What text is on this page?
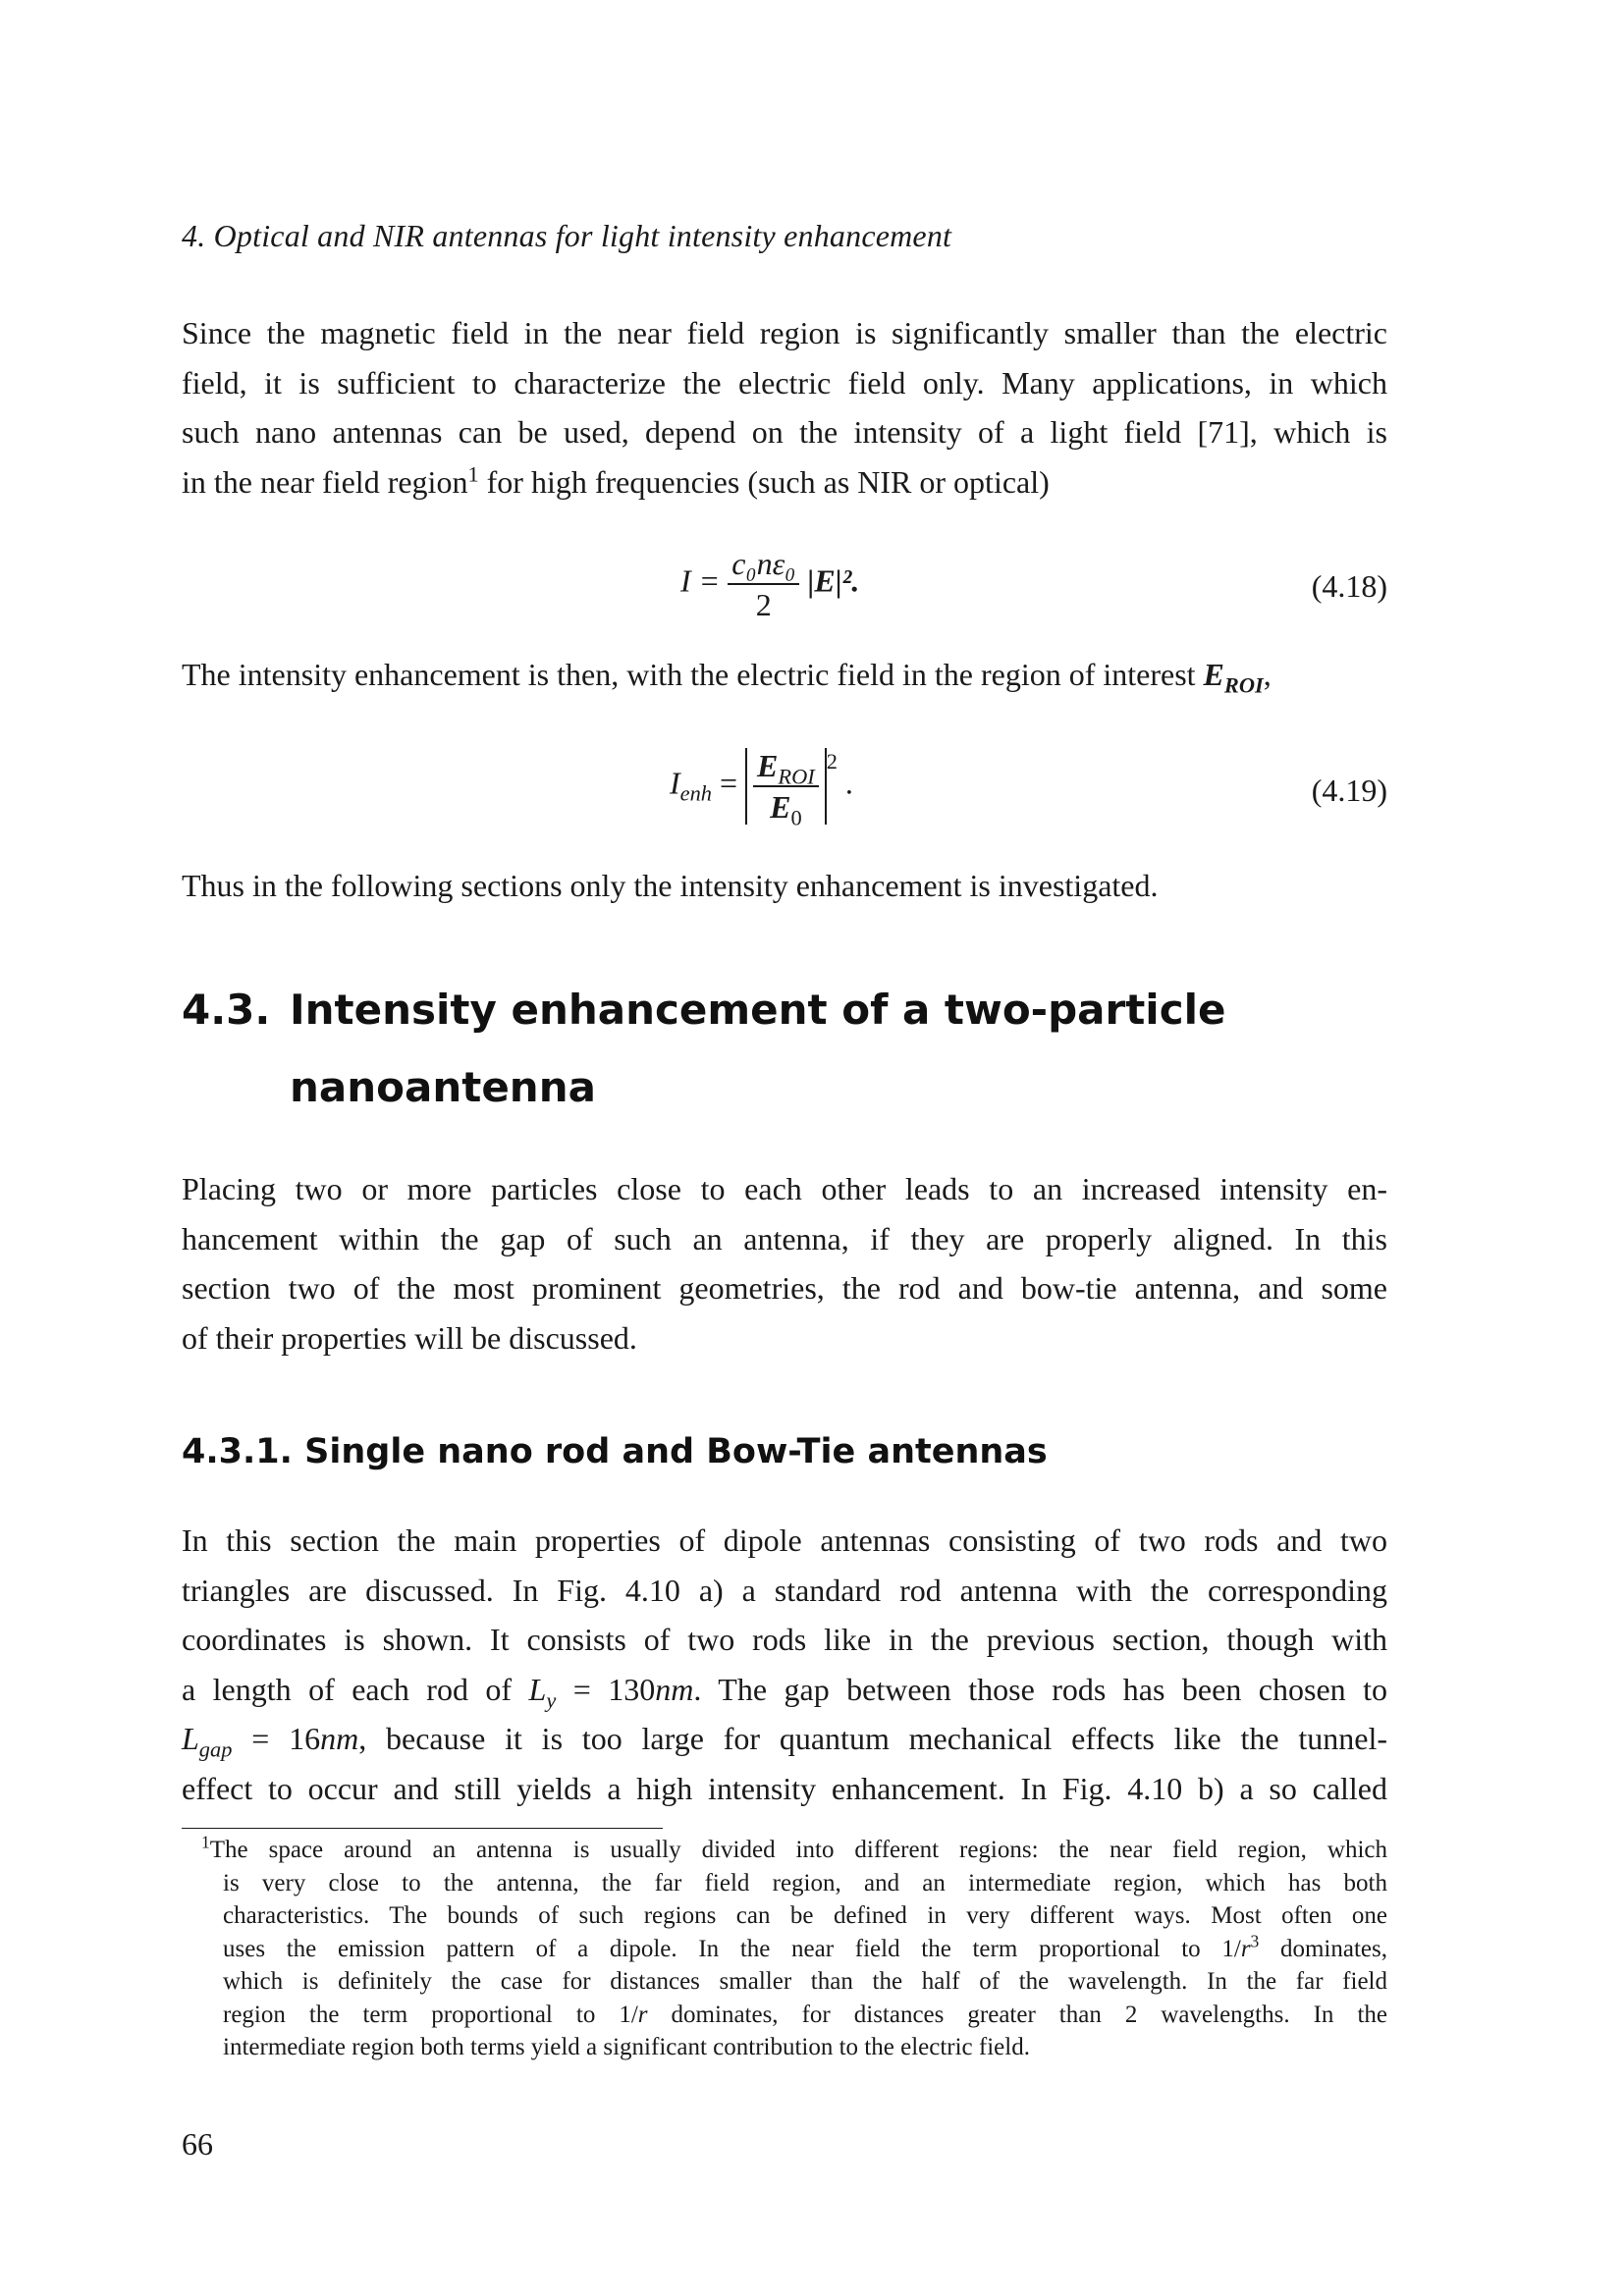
4. Optical and NIR antennas for light intensity enhancement
Since the magnetic field in the near field region is significantly smaller than the electric
field, it is sufficient to characterize the electric field only. Many applications, in which
such nano antennas can be used, depend on the intensity of a light field [71], which is
in the near field region$^1$ for high frequencies (such as NIR or optical)
$I = \frac{\text{c₀nε₀}}{2} |E|^2$.	(4.18)
The intensity enhancement is then, with the electric field in the region of interest $E_{ROI}$,
$I_{enh} = \frac{E_{ROI}}{E_0} ^2$ .	(4.19)
Thus in the following sections only the intensity enhancement is investigated.
4.3. Intensity enhancement of a two-particle
nanoantenna
Placing two or more particles close to each other leads to an increased intensity en-
hancement within the gap of such an antenna, if they are properly aligned. In this
section two of the most prominent geometries, the rod and bow-tie antenna, and some
of their properties will be discussed.
4.3.1. Single nano rod and Bow-Tie antennas
In this section the main properties of dipole antennas consisting of two rods and two
triangles are discussed. In Fig. 4.10 a) a standard rod antenna with the corresponding
coordinates is shown. It consists of two rods like in the previous section, though with
a length of each rod of $L_y = 130nm$. The gap between those rods has been chosen to
$L_{gap} = 16nm$, because it is too large for quantum mechanical effects like the tunnel-
effect to occur and still yields a high intensity enhancement. In Fig. 4.10 b) a so called
$^1$The space around an antenna is usually divided into different regions: the near field region, which
is very close to the antenna, the far field region, and an intermediate region, which has both
characteristics. The bounds of such regions can be defined in very different ways. Most often one
uses the emission pattern of a dipole. In the near field the term proportional to $1/r^3$ dominates,
which is definitely the case for distances smaller than the half of the wavelength. In the far field
region the term proportional to 1/r dominates, for distances greater than 2 wavelengths. In the
intermediate region both terms yield a significant contribution to the electric field.
66
